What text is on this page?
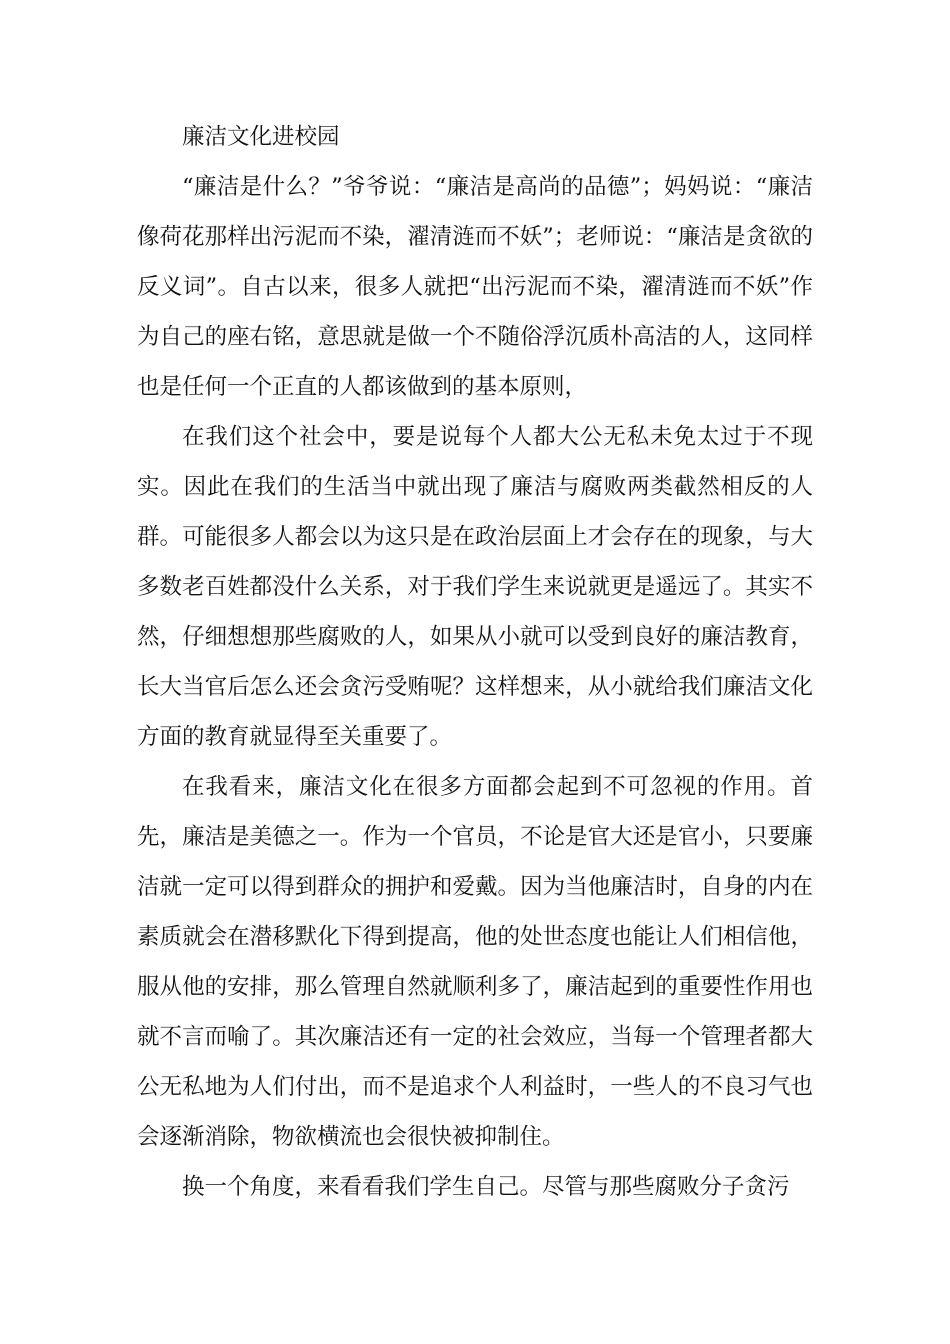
廉洁文化进校园

“廉洁是什么？”爷爷说：“廉洁是高尚的品德”；妈妈说：“廉洁像荷花那样出污泥而不染，濯清涟而不妖”；老师说：“廉洁是贪欲的反义词”。自古以来，很多人就把“出污泥而不染，濯清涟而不妖”作为自己的座右铭，意思就是做一个不随俗浮沉质朴高洁的人，这同样也是任何一个正直的人都该做到的基本原则，

在我们这个社会中，要是说每个人都大公无私未免太过于不现实。因此在我们的生活当中就出现了廉洁与腐败两类截然相反的人群。可能很多人都会以为这只是在政治层面上才会存在的现象，与大多数老百姓都没什么关系，对于我们学生来说就更是遥远了。其实不然，仔细想想那些腐败的人，如果从小就可以受到良好的廉洁教育，长大当官后怎么还会贪污受贿呢？这样想来，从小就给我们廉洁文化方面的教育就显得至关重要了。

在我看来，廉洁文化在很多方面都会起到不可忽视的作用。首先，廉洁是美德之一。作为一个官员，不论是官大还是官小，只要廉洁就一定可以得到群众的拥护和爱戴。因为当他廉洁时，自身的内在素质就会在潜移默化下得到提高，他的处世态度也能让人们相信他，服从他的安排，那么管理自然就顺利多了，廉洁起到的重要性作用也就不言而喻了。其次廉洁还有一定的社会效应，当每一个管理者都大公无私地为人们付出，而不是追求个人利益时，一些人的不良习气也会逐渐消除，物欲横流也会很快被抑制住。

换一个角度，来看看我们学生自己。尽管与那些腐败分子贪污
